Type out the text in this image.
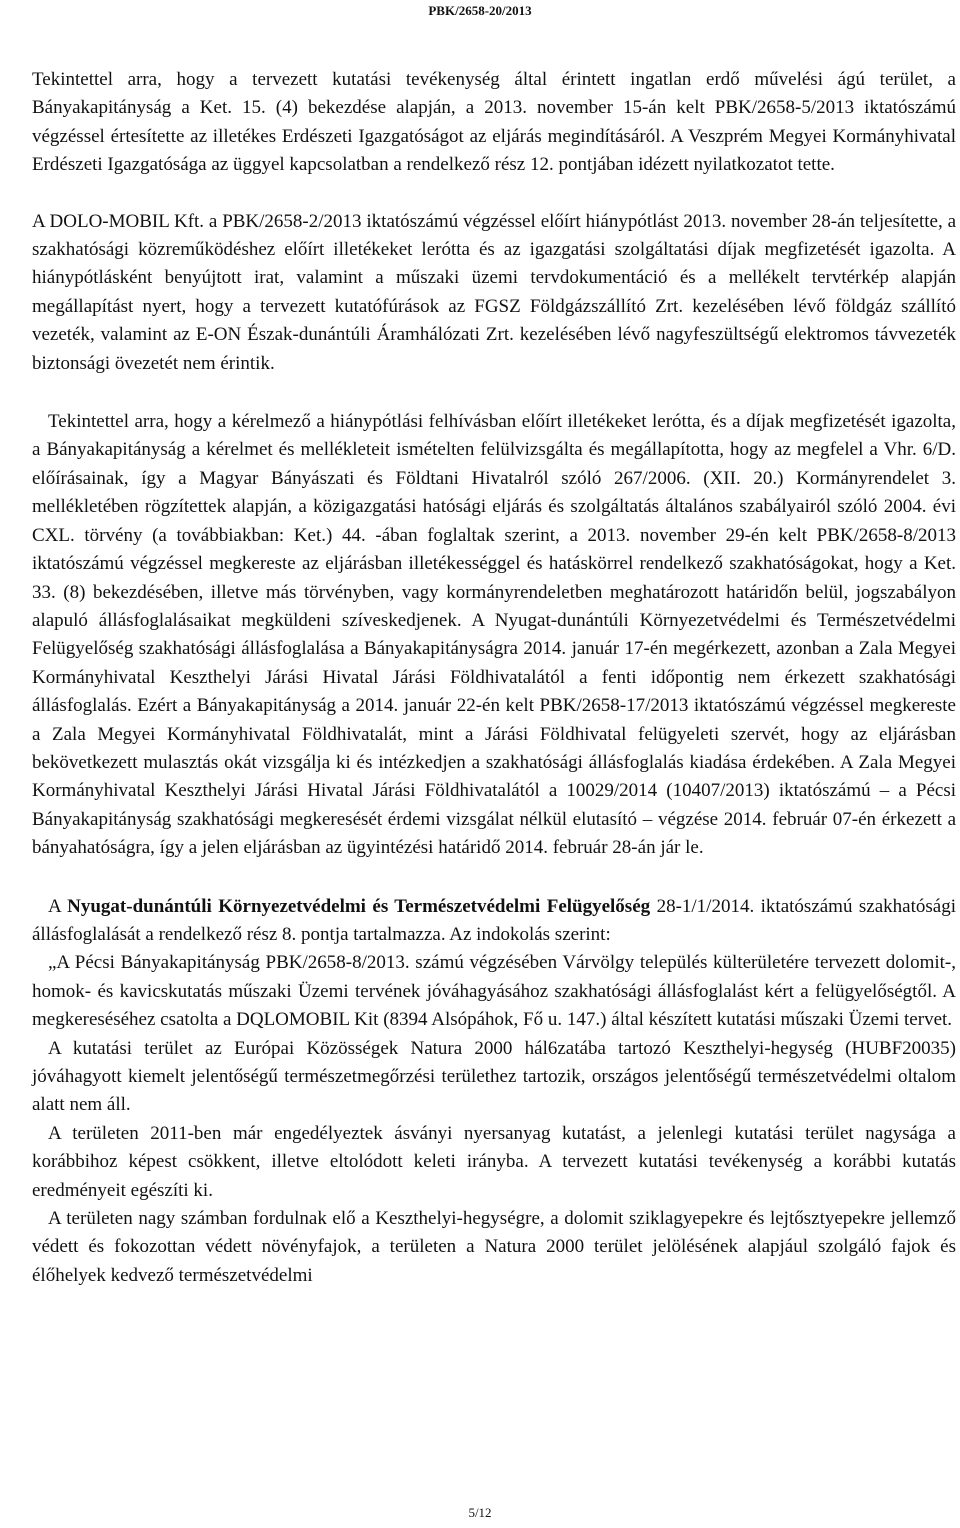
PBK/2658-20/2013

Tekintettel arra, hogy a tervezett kutatási tevékenység által érintett ingatlan erdő művelési ágú terület, a Bányakapitányság a Ket. 15. (4) bekezdése alapján, a 2013. november 15-án kelt PBK/2658-5/2013 iktatószámú végzéssel értesítette az illetékes Erdészeti Igazgatóságot az eljárás megindításáról. A Veszprém Megyei Kormányhivatal Erdészeti Igazgatósága az üggyel kapcsolatban a rendelkező rész 12. pontjában idézett nyilatkozatot tette.

A DOLO-MOBIL Kft. a PBK/2658-2/2013 iktatószámú végzéssel előírt hiánypótlást 2013. november 28-án teljesítette, a szakhatósági közreműködéshez előírt illetékeket lerótta és az igazgatási szolgáltatási díjak megfizetését igazolta. A hiánypótlásként benyújtott irat, valamint a műszaki üzemi tervdokumentáció és a mellékelt tervtérkép alapján megállapítást nyert, hogy a tervezett kutatófúrások az FGSZ Földgázszállító Zrt. kezelésében lévő földgáz szállító vezeték, valamint az E-ON Észak-dunántúli Áramhálózati Zrt. kezelésében lévő nagyfeszültségű elektromos távvezeték biztonsági övezetét nem érintik.

Tekintettel arra, hogy a kérelmező a hiánypótlási felhívásban előírt illetékeket lerótta, és a díjak megfizetését igazolta, a Bányakapitányság a kérelmet és mellékleteit ismételten felülvizsgálta és megállapította, hogy az megfelel a Vhr. 6/D. előírásainak, így a Magyar Bányászati és Földtani Hivatalról szóló 267/2006. (XII. 20.) Kormányrendelet 3. mellékletében rögzítettek alapján, a közigazgatási hatósági eljárás és szolgáltatás általános szabályairól szóló 2004. évi CXL. törvény (a továbbiakban: Ket.) 44. -ában foglaltak szerint, a 2013. november 29-én kelt PBK/2658-8/2013 iktatószámú végzéssel megkereste az eljárásban illetékességgel és hatáskörrel rendelkező szakhatóságokat, hogy a Ket. 33. (8) bekezdésében, illetve más törvényben, vagy kormányrendeletben meghatározott határidőn belül, jogszabályon alapuló állásfoglalásaikat megküldeni szíveskedjenek. A Nyugat-dunántúli Környezetvédelmi és Természetvédelmi Felügyelőség szakhatósági állásfoglalása a Bányakapitányságra 2014. január 17-én megérkezett, azonban a Zala Megyei Kormányhivatal Keszthelyi Járási Hivatal Járási Földhivatalától a fenti időpontig nem érkezett szakhatósági állásfoglalás. Ezért a Bányakapitányság a 2014. január 22-én kelt PBK/2658-17/2013 iktatószámú végzéssel megkereste a Zala Megyei Kormányhivatal Földhivatalát, mint a Járási Földhivatal felügyeleti szervét, hogy az eljárásban bekövetkezett mulasztás okát vizsgálja ki és intézkedjen a szakhatósági állásfoglalás kiadása érdekében. A Zala Megyei Kormányhivatal Keszthelyi Járási Hivatal Járási Földhivatalától a 10029/2014 (10407/2013) iktatószámú – a Pécsi Bányakapitányság szakhatósági megkeresését érdemi vizsgálat nélkül elutasító – végzése 2014. február 07-én érkezett a bányahatóságra, így a jelen eljárásban az ügyintézési határidő 2014. február 28-án jár le.

A Nyugat-dunántúli Környezetvédelmi és Természetvédelmi Felügyelőség 28-1/1/2014. iktatószámú szakhatósági állásfoglalását a rendelkező rész 8. pontja tartalmazza. Az indokolás szerint:

„A Pécsi Bányakapitányság PBK/2658-8/2013. számú végzésében Várvölgy település külterületére tervezett dolomit-, homok- és kavicskutatás műszaki Üzemi tervének jóváhagyásához szakhatósági állásfoglalást kért a felügyelőségtől. A megkereséséhez csatolta a DQLOMOBIL Kit (8394 Alsópáhok, Fő u. 147.) által készített kutatási műszaki Üzemi tervet.

A kutatási terület az Európai Közösségek Natura 2000 hál6zatába tartozó Keszthelyi-hegység (HUBF20035) jóváhagyott kiemelt jelentőségű természetmegőrzési területhez tartozik, országos jelentőségű természetvédelmi oltalom alatt nem áll.

A területen 2011-ben már engedélyeztek ásványi nyersanyag kutatást, a jelenlegi kutatási terület nagysága a korábbihoz képest csökkent, illetve eltolódott keleti irányba. A tervezett kutatási tevékenység a korábbi kutatás eredményeit egészíti ki.

A területen nagy számban fordulnak elő a Keszthelyi-hegységre, a dolomit sziklagyepekre és lejtősztyepekre jellemző védett és fokozottan védett növényfajok, a területen a Natura 2000 terület jelölésének alapjául szolgáló fajok és élőhelyek kedvező természetvédelmi

5/12
